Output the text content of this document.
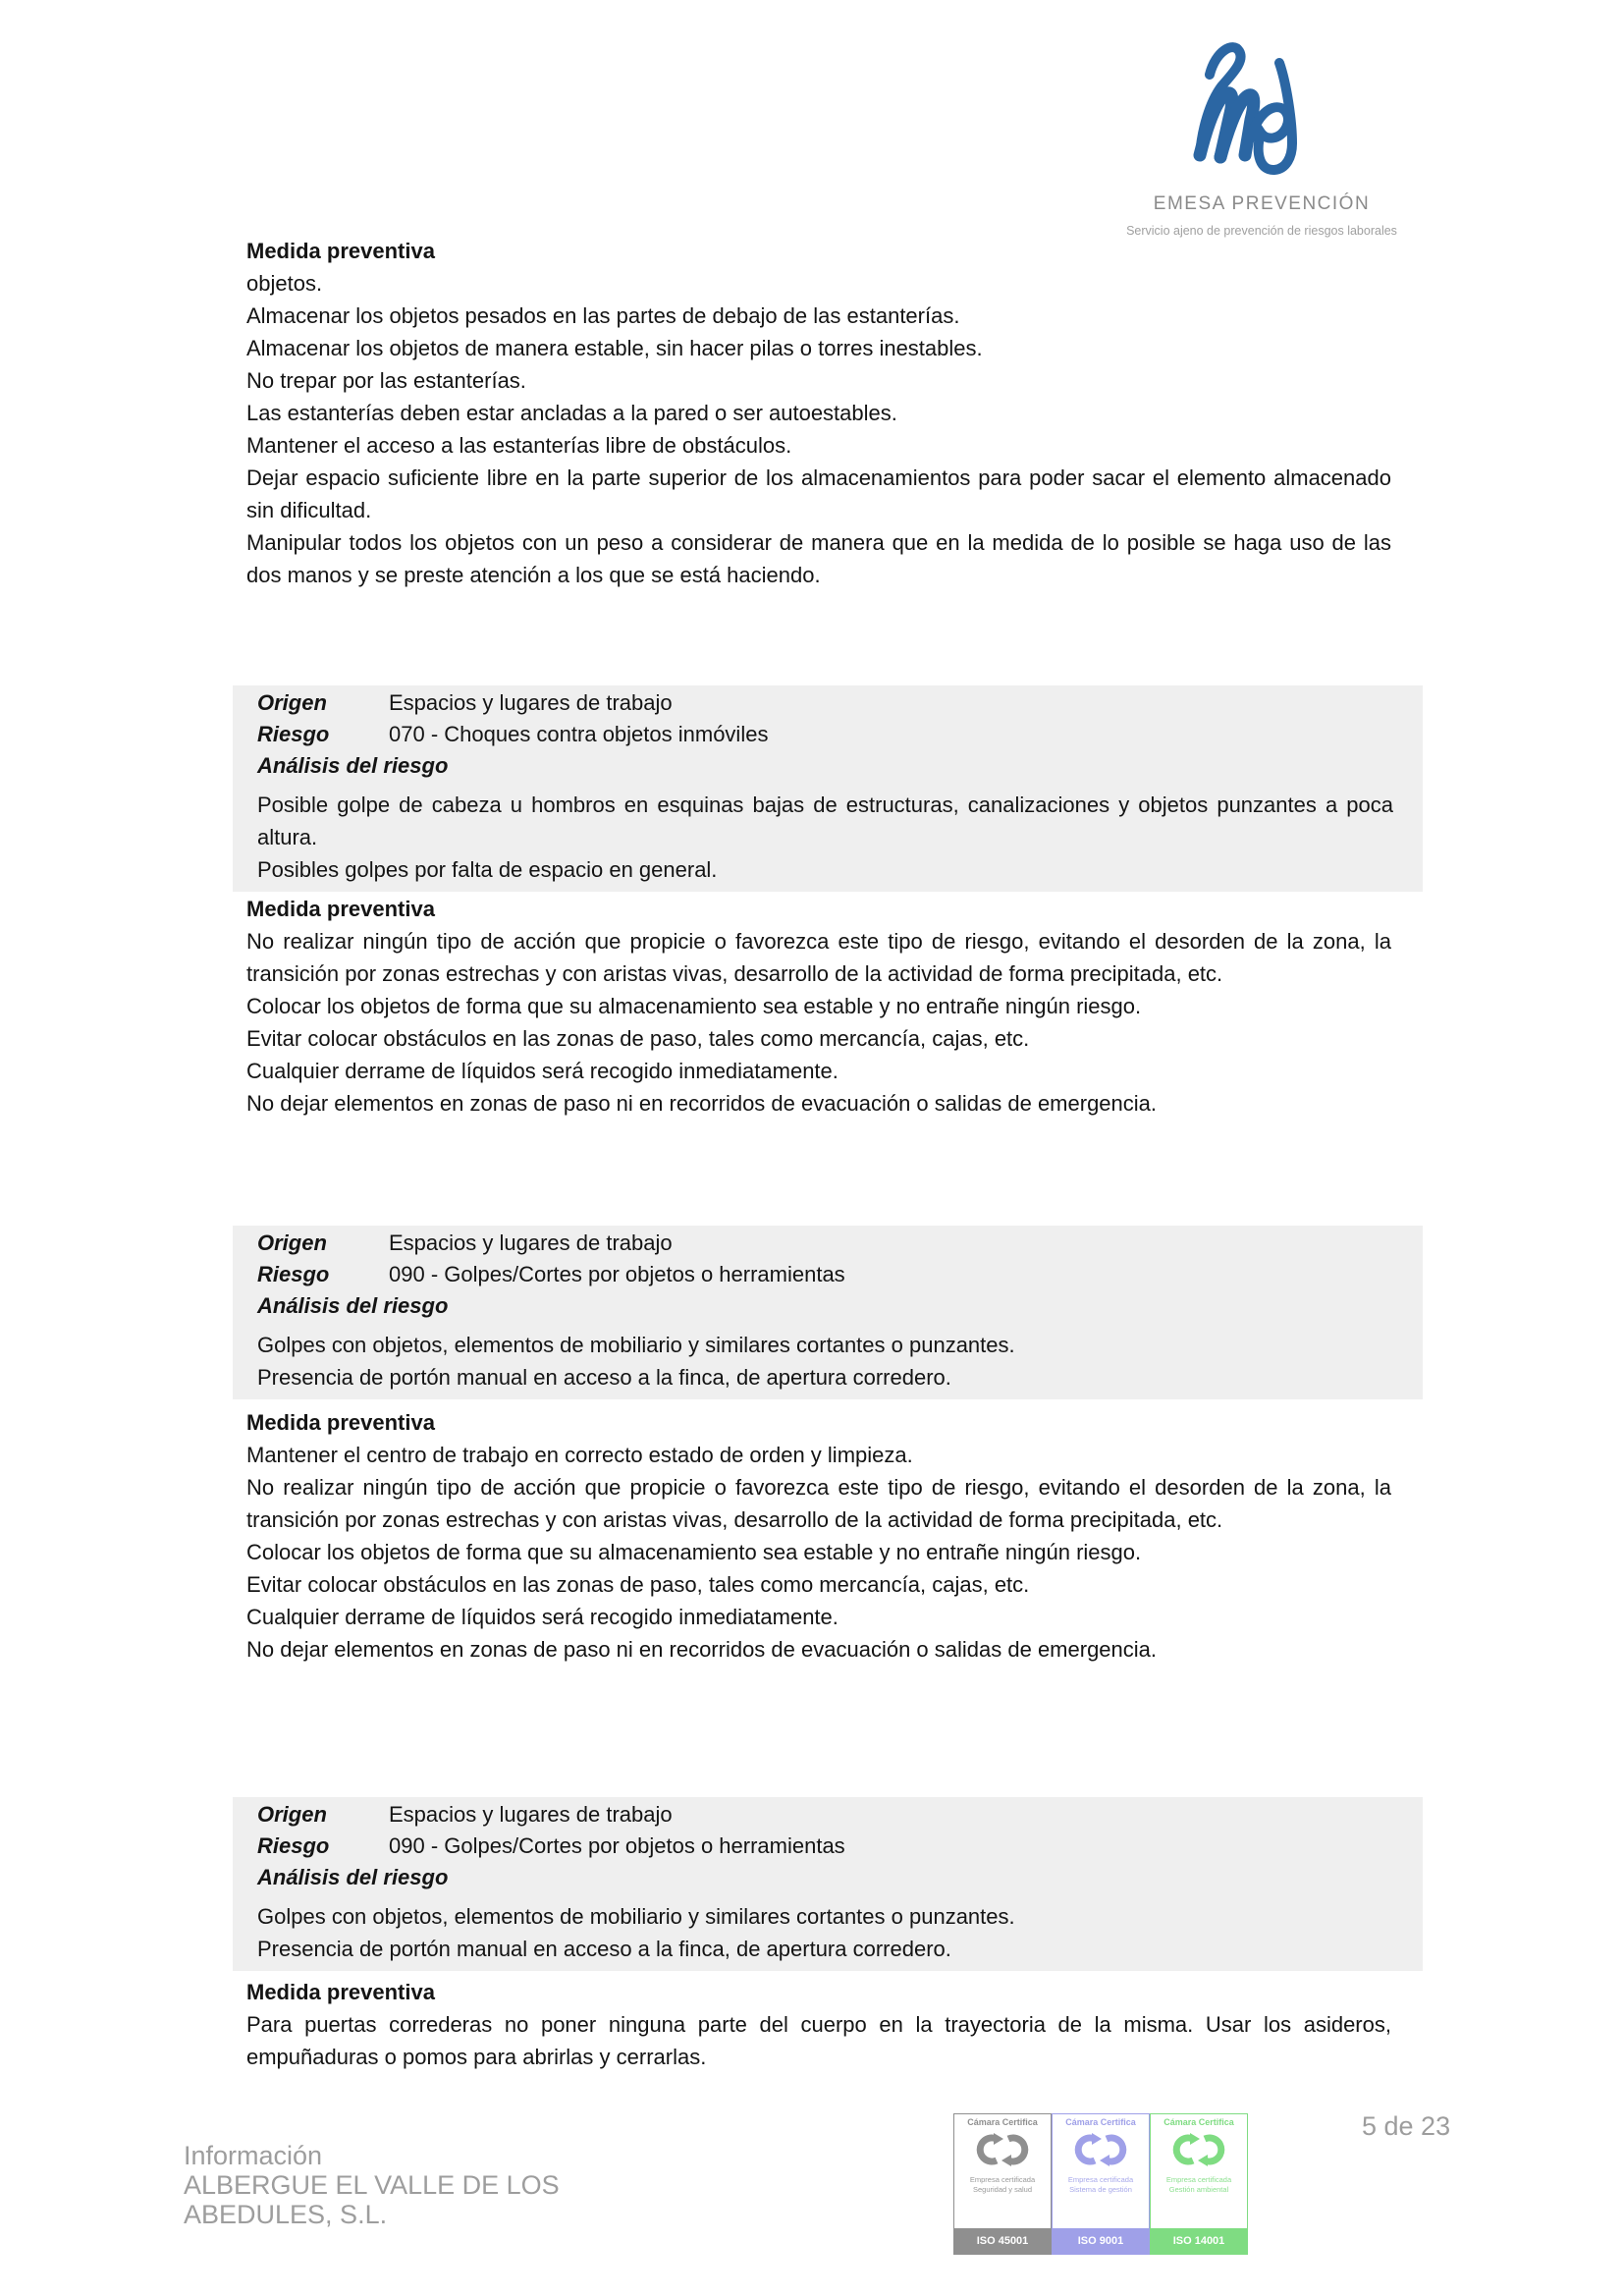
EMESA PREVENCIÓN
Servicio ajeno de prevención de riesgos laborales
Medida preventiva

objetos.

Almacenar los objetos pesados en las partes de debajo de las estanterías.

Almacenar los objetos de manera estable, sin hacer pilas o torres inestables.

No trepar por las estanterías.

Las estanterías deben estar ancladas a la pared o ser autoestables.

Mantener el acceso a las estanterías libre de obstáculos.

Dejar espacio suficiente libre en la parte superior de los almacenamientos para poder sacar el elemento almacenado sin dificultad.

Manipular todos los objetos con un peso a considerar de manera que en la medida de lo posible se haga uso de las dos manos y se preste atención a los que se está haciendo.

Origen	Espacios y lugares de trabajo
Riesgo	070 - Choques contra objetos inmóviles
Análisis del riesgo

Posible golpe de cabeza u hombros en esquinas bajas de estructuras, canalizaciones y objetos punzantes a poca altura.

Posibles golpes por falta de espacio en general.

Medida preventiva

No realizar ningún tipo de acción que propicie o favorezca este tipo de riesgo, evitando el desorden de la zona, la transición por zonas estrechas y con aristas vivas, desarrollo de la actividad de forma precipitada, etc.

Colocar los objetos de forma que su almacenamiento sea estable y no entrañe ningún riesgo.

Evitar colocar obstáculos en las zonas de paso, tales como mercancía, cajas, etc.

Cualquier derrame de líquidos será recogido inmediatamente.

No dejar elementos en zonas de paso ni en recorridos de evacuación o salidas de emergencia.

Origen	Espacios y lugares de trabajo
Riesgo	090 - Golpes/Cortes por objetos o herramientas
Análisis del riesgo

Golpes con objetos, elementos de mobiliario y similares cortantes o punzantes.

Presencia de portón manual en acceso a la finca, de apertura corredero.

Medida preventiva

Mantener el centro de trabajo en correcto estado de orden y limpieza.

No realizar ningún tipo de acción que propicie o favorezca este tipo de riesgo, evitando el desorden de la zona, la transición por zonas estrechas y con aristas vivas, desarrollo de la actividad de forma precipitada, etc.

Colocar los objetos de forma que su almacenamiento sea estable y no entrañe ningún riesgo.

Evitar colocar obstáculos en las zonas de paso, tales como mercancía, cajas, etc.

Cualquier derrame de líquidos será recogido inmediatamente.

No dejar elementos en zonas de paso ni en recorridos de evacuación o salidas de emergencia.

Origen	Espacios y lugares de trabajo
Riesgo	090 - Golpes/Cortes por objetos o herramientas
Análisis del riesgo

Golpes con objetos, elementos de mobiliario y similares cortantes o punzantes.

Presencia de portón manual en acceso a la finca, de apertura corredero.

Medida preventiva

Para puertas correderas no poner ninguna parte del cuerpo en la trayectoria de la misma. Usar los asideros, empuñaduras o pomos para abrirlas y cerrarlas.

Información
ALBERGUE EL VALLE DE LOS
ABEDULES, S.L.
Cámara Certifica
Empresa certificada
Seguridad y salud
ISO 45001
Cámara Certifica
Empresa certificada
Sistema de gestión
ISO 9001
Cámara Certifica
Empresa certificada
Gestión ambiental
ISO 14001
5 de 23
